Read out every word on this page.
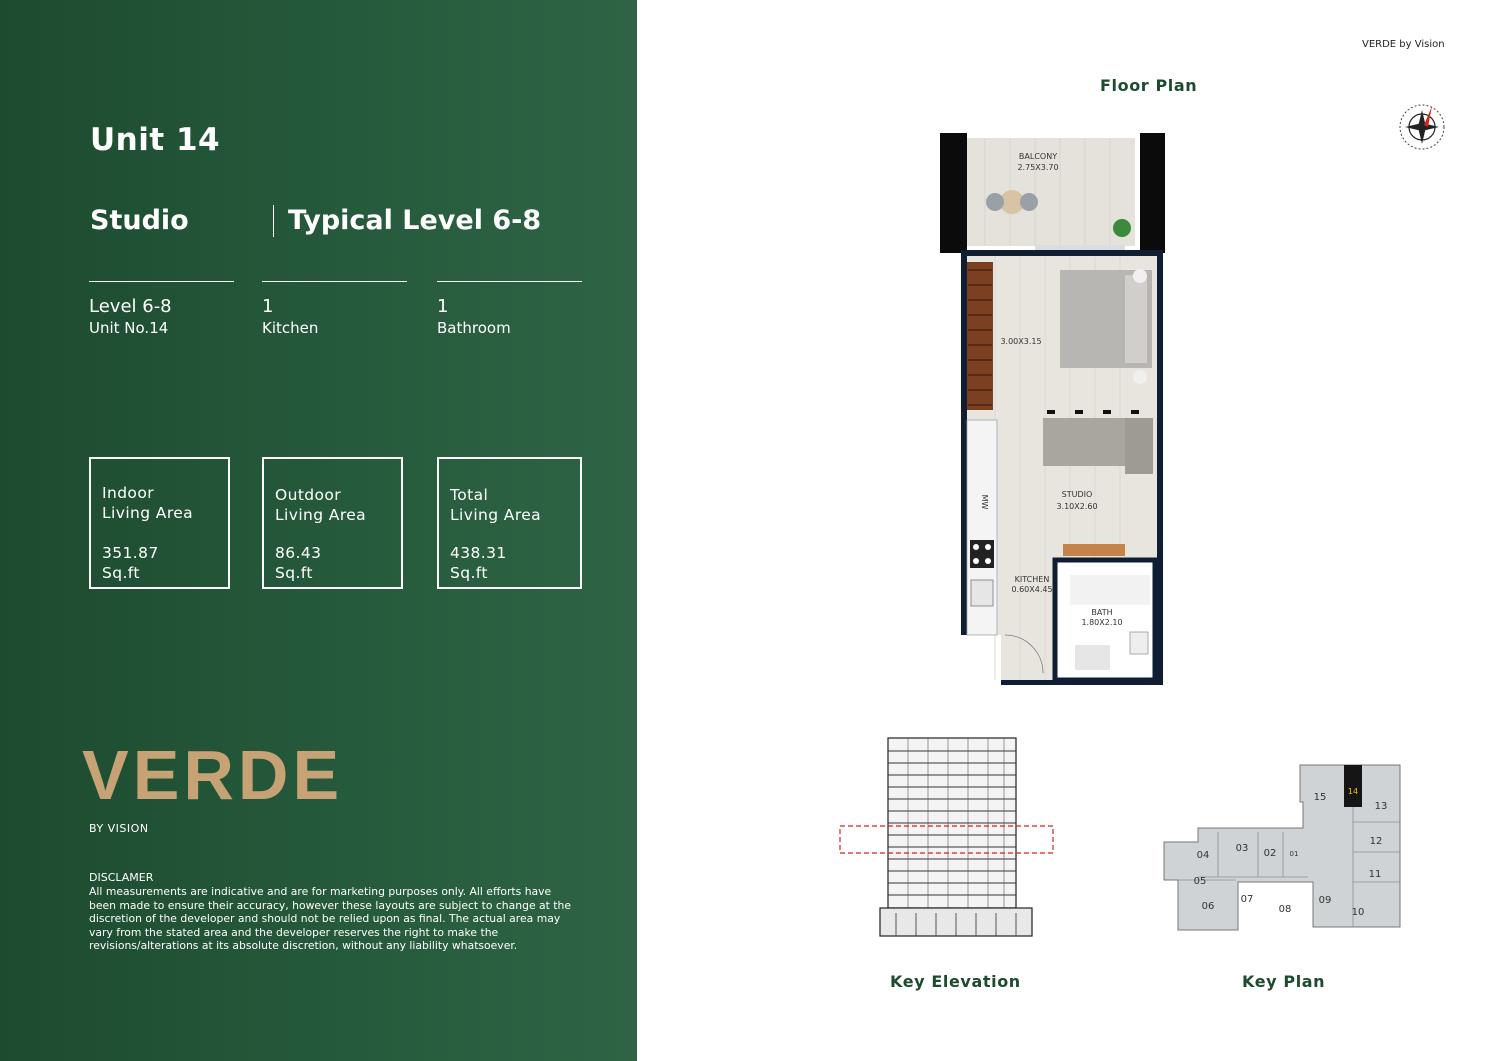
Unit 14
Studio	Typical Level 6-8
Level 6-8
Unit No.14
1
Kitchen
1
Bathroom
Indoor
Living Area
351.87
Sq.ft
Outdoor
Living Area
86.43
Sq.ft
Total
Living Area
438.31
Sq.ft
VERDE
BY VISION
DISCLAMER
All measurements are indicative and are for marketing purposes only. All efforts have been made to ensure their accuracy, however these layouts are subject to change at the discretion of the developer and should not be relied upon as final. The actual area may vary from the stated area and the developer reserves the right to make the revisions/alterations at its absolute discretion, without any liability whatsoever.
VERDE by Vision
Floor Plan
BALCONY
2.75X3.70
3.00X3.15
MW
STUDIO
3.10X2.60
KITCHEN
0.60X4.45
BATH
1.80X2.10
Key Elevation
14
13
12
11
10
09
08
07
06
05
04
03 02 01
15
Key Plan
